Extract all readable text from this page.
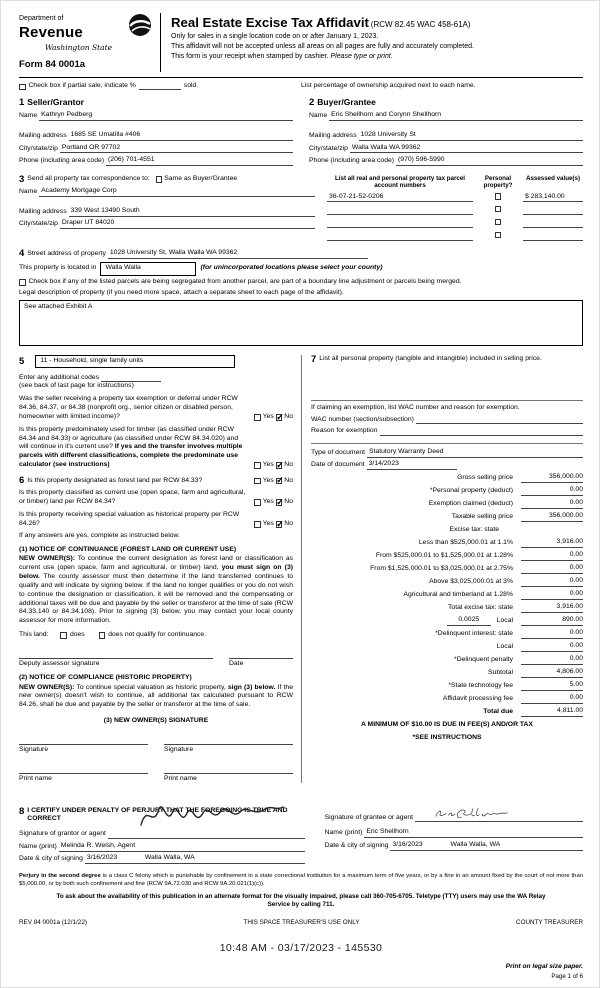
Department of
Revenue
Washington State
Form 84 0001a
Real Estate Excise Tax Affidavit (RCW 82.45 WAC 458-61A)
Only for sales in a single location code on or after January 1, 2023.
This affidavit will not be accepted unless all areas on all pages are fully and accurately completed.
This form is your receipt when stamped by cashier. Please type or print.
Check box if partial sale, indicate %	sold.	List percentage of ownership acquired next to each name.
1 Seller/Grantor
Name Kathryn Pedberg
Mailing address 1685 SE Umatilla #406
City/state/zip Portland OR 97702
Phone (including area code) (206) 701-4551
2 Buyer/Grantee
Name Eric Shellhorn and Corynn Shellhorn
Mailing address 1028 University St
City/state/zip Walla Walla WA 99362
Phone (including area code) (970) 596-5990
3 Send all property tax correspondence to: Same as Buyer/Grantee
Name Academy Mortgage Corp
Mailing address 339 West 13490 South
City/state/zip Draper UT 84020
List all real and personal property tax parcel account numbers
Personal property?
Assessed value(s)
36-07-21-52-0206	$ 283,140.00
4 Street address of property 1028 University St, Walla Walla WA 99362
This property is located in	Walla Walla	(for unincorporated locations please select your county)
Check box if any of the listed parcels are being segregated from another parcel, are part of a boundary line adjustment or parcels being merged.
Legal description of property (if you need more space, attach a separate sheet to each page of the affidavit).
See attached Exhibit A
5	11 - Household, single family units
Enter any additional codes
(see back of last page for instructions)
Was the seller receiving a property tax exemption or deferral under RCW 84.36, 84.37, or 84.38 (nonprofit org., senior citizen or disabled person, homeowner with limited income)?	Yes ✓ No
Is this property predominately used for timber (as classified under RCW 84.34 and 84.33) or agriculture (as classified under RCW 84.34.020) and will continue in it's current use? If yes and the transfer involves multiple parcels with different classifications, complete the predominate use calculator (see instructions)	Yes ✓ No
6 Is this property designated as forest land per RCW 84.33?	Yes ✓ No
Is this property classified as current use (open space, farm and agricultural, or timber) land per RCW 84.34?	Yes ✓ No
Is this property receiving special valuation as historical property per RCW 84.26?	Yes ✓ No
If any answers are yes, complete as instructed below.
(1) NOTICE OF CONTINUANCE (FOREST LAND OR CURRENT USE)
NEW OWNER(S): To continue the current designation as forest land or classification as current use (open space, farm and agricultural, or timber) land, you must sign on (3) below. The county assessor must then determine if the land transferred continues to qualify and will indicate by signing below. If the land no longer qualifies or you do not wish to continue the designation or classification, it will be removed and the compensating or additional taxes will be due and payable by the seller or transferor at the time of sale (RCW 84.33.140 or 84.34.108). Prior to signing (3) below, you may contact your local county assessor for more information.
This land:	does	does not qualify for continuance.
Deputy assessor signature	Date
(2) NOTICE OF COMPLIANCE (HISTORIC PROPERTY)
NEW OWNER(S): To continue special valuation as historic property, sign (3) below. If the new owner(s) doesn't wish to continue, all additional tax calculated pursuant to RCW 84.26, shall be due and payable by the seller or transferor at the time of sale.
(3) NEW OWNER(S) SIGNATURE
Signature	Signature
Print name	Print name
7 List all personal property (tangible and intangible) included in selling price.
If claiming an exemption, list WAC number and reason for exemption.
WAC number (section/subsection)
Reason for exemption
Type of document Statutory Warranty Deed
Date of document 3/14/2023
Gross selling price	356,000.00
*Personal property (deduct)	0.00
Exemption claimed (deduct)	0.00
Taxable selling price	356,000.00
Excise tax: state
Less than $525,000.01 at 1.1%	3,916.00
From $525,000.01 to $1,525,000.01 at 1.28%	0.00
From $1,525,000.01 to $3,025,000.01 at 2.75%	0.00
Above $3,025,000.01 at 3%	0.00
Agricultural and timberland at 1.28%	0.00
Total excise tax: state	3,916.00
0.0025	Local	890.00
*Delinquent interest: state	0.00
Local	0.00
*Delinquent penalty	0.00
Subtotal	4,806.00
*State technology fee	5.00
Affidavit processing fee	0.00
Total due	4,811.00
A MINIMUM OF $10.00 IS DUE IN FEE(S) AND/OR TAX
*SEE INSTRUCTIONS
8 I CERTIFY UNDER PENALTY OF PERJURY THAT THE FOREGOING IS TRUE AND CORRECT
Signature of grantor or agent
Name (print) Melinda R. Welsh, Agent
Date & city of signing 3/16/2023	Walla Walla, WA
Signature of grantee or agent
Name (print) Eric Shellhorn
Date & city of signing 3/16/2023	Walla Walla, WA
Perjury in the second degree is a class C felony which is punishable by confinement in a state correctional institution for a maximum term of five years, or by a fine in an amount fixed by the court of not more than $5,000.00, or by both such confinement and fine (RCW 9A.72.030 and RCW 9A.20.021(1)(c)).
To ask about the availability of this publication in an alternate format for the visually impaired, please call 360-705-6705. Teletype (TTY) users may use the WA Relay Service by calling 711.
REV 84 0001a (12/1/22)	THIS SPACE TREASURER'S USE ONLY	COUNTY TREASURER
10:48 AM - 03/17/2023 - 145530
Print on legal size paper.
Page 1 of 6
